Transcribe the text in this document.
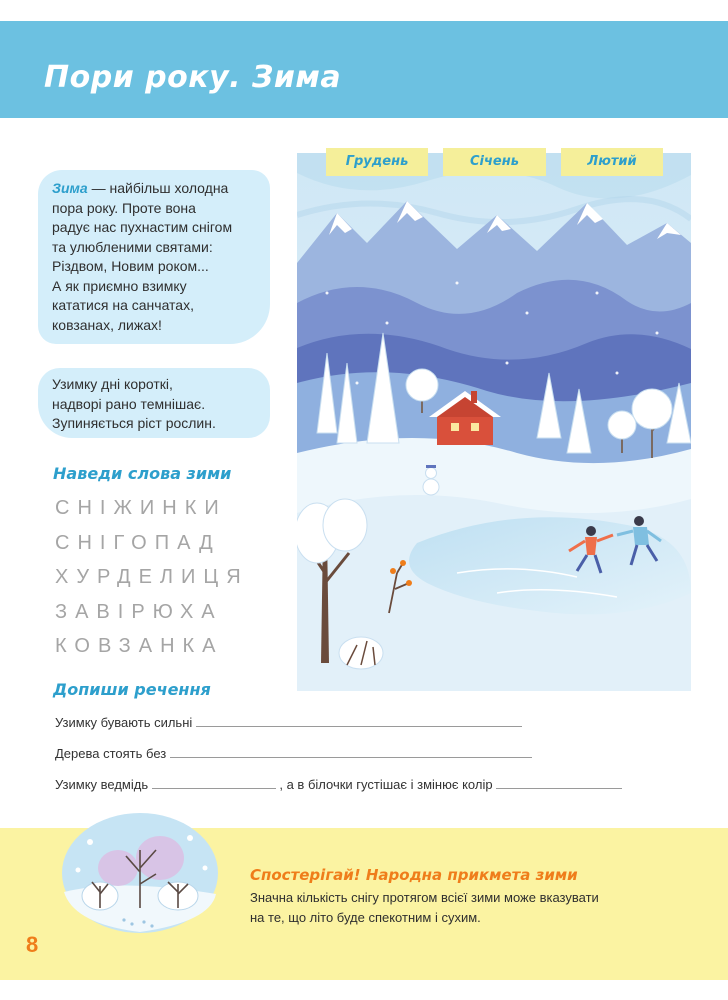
Пори року. Зима
Зима — найбільш холодна
пора року. Проте вона
радує нас пухнастим снігом
та улюбленими святами:
Різдвом, Новим роком...
А як приємно взимку
кататися на санчатах,
ковзанах, лижах!
Узимку дні короткі,
надворі рано темнішає.
Зупиняється ріст рослин.
Наведи слова зими
СНІЖИНКИ
СНІГОПАД
ХУРДЕЛИЦЯ
ЗАВІРЮХА
КОВЗАНКА
Допиши речення
Узимку бувають сильні
Дерева стоять без
Узимку ведмідь	, а в білочки густішає і змінює колір
Грудень	Січень	Лютий
Спостерігай! Народна прикмета зими
Значна кількість снігу протягом всієї зими може вказувати
на те, що літо буде спекотним і сухим.
8
